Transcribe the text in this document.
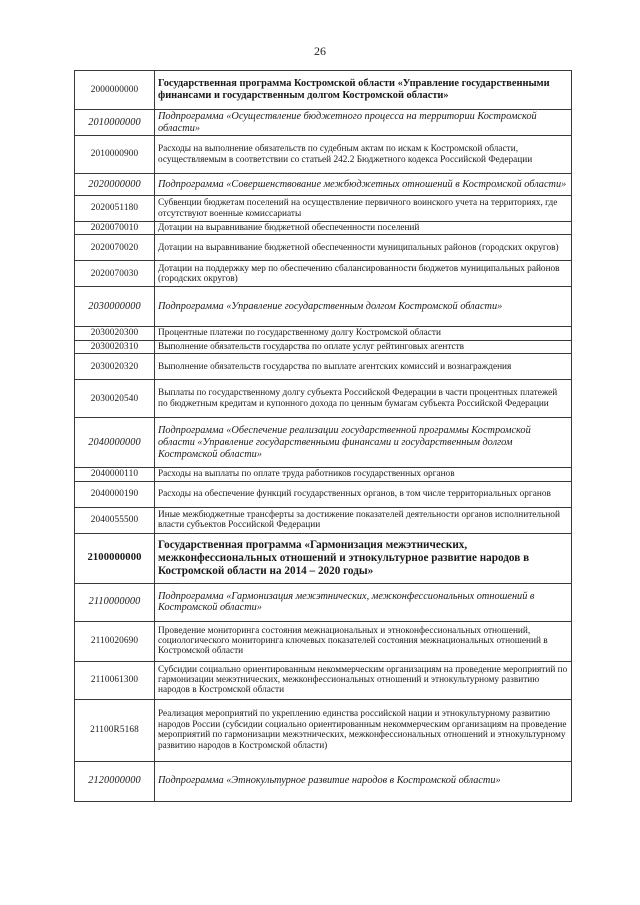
26
2000000000	Государственная программа Костромской области «Управление государственными финансами и государственным долгом Костромской области»
2010000000	Подпрограмма «Осуществление бюджетного процесса на территории Костромской области»
2010000900	Расходы на выполнение обязательств по судебным актам по искам к Костромской области, осуществляемым в соответствии со статьей 242.2 Бюджетного кодекса Российской Федерации
2020000000	Подпрограмма «Совершенствование межбюджетных отношений в Костромской области»
2020051180	Субвенции бюджетам поселений на осуществление первичного воинского учета на территориях, где отсутствуют военные комиссариаты
2020070010	Дотации на выравнивание бюджетной обеспеченности поселений
2020070020	Дотации на выравнивание бюджетной обеспеченности муниципальных районов (городских округов)
2020070030	Дотации на поддержку мер по обеспечению сбалансированности бюджетов муниципальных районов (городских округов)
2030000000	Подпрограмма «Управление государственным долгом Костромской области»
2030020300	Процентные платежи по государственному долгу Костромской области
2030020310	Выполнение обязательств государства по оплате услуг рейтинговых агентств
2030020320	Выполнение обязательств государства по выплате агентских комиссий и вознаграждения
2030020540	Выплаты по государственному долгу субъекта Российской Федерации в части процентных платежей по бюджетным кредитам и купонного дохода по ценным бумагам субъекта Российской Федерации
2040000000	Подпрограмма «Обеспечение реализации государственной программы Костромской области «Управление государственными финансами и государственным долгом Костромской области»
2040000110	Расходы на выплаты по оплате труда работников государственных органов
2040000190	Расходы на обеспечение функций государственных органов, в том числе территориальных органов
2040055500	Иные межбюджетные трансферты за достижение показателей деятельности органов исполнительной власти субъектов Российской Федерации
2100000000	Государственная программа «Гармонизация межэтнических, межконфессиональных отношений и этнокультурное развитие народов в Костромской области на 2014 – 2020 годы»
2110000000	Подпрограмма «Гармонизация межэтнических, межконфессиональных отношений в Костромской области»
2110020690	Проведение мониторинга состояния межнациональных и этноконфессиональных отношений, социологического мониторинга ключевых показателей состояния межнациональных отношений в Костромской области
2110061300	Субсидии социально ориентированным некоммерческим организациям на проведение мероприятий по гармонизации межэтнических, межконфессиональных отношений и этнокультурному развитию народов в Костромской области
21100R5168	Реализация мероприятий по укреплению единства российской нации и этнокультурному развитию народов России (субсидии социально ориентированным некоммерческим организациям на проведение мероприятий по гармонизации межэтнических, межконфессиональных отношений и этнокультурному развитию народов в Костромской области)
2120000000	Подпрограмма «Этнокультурное развитие народов в Костромской области»
